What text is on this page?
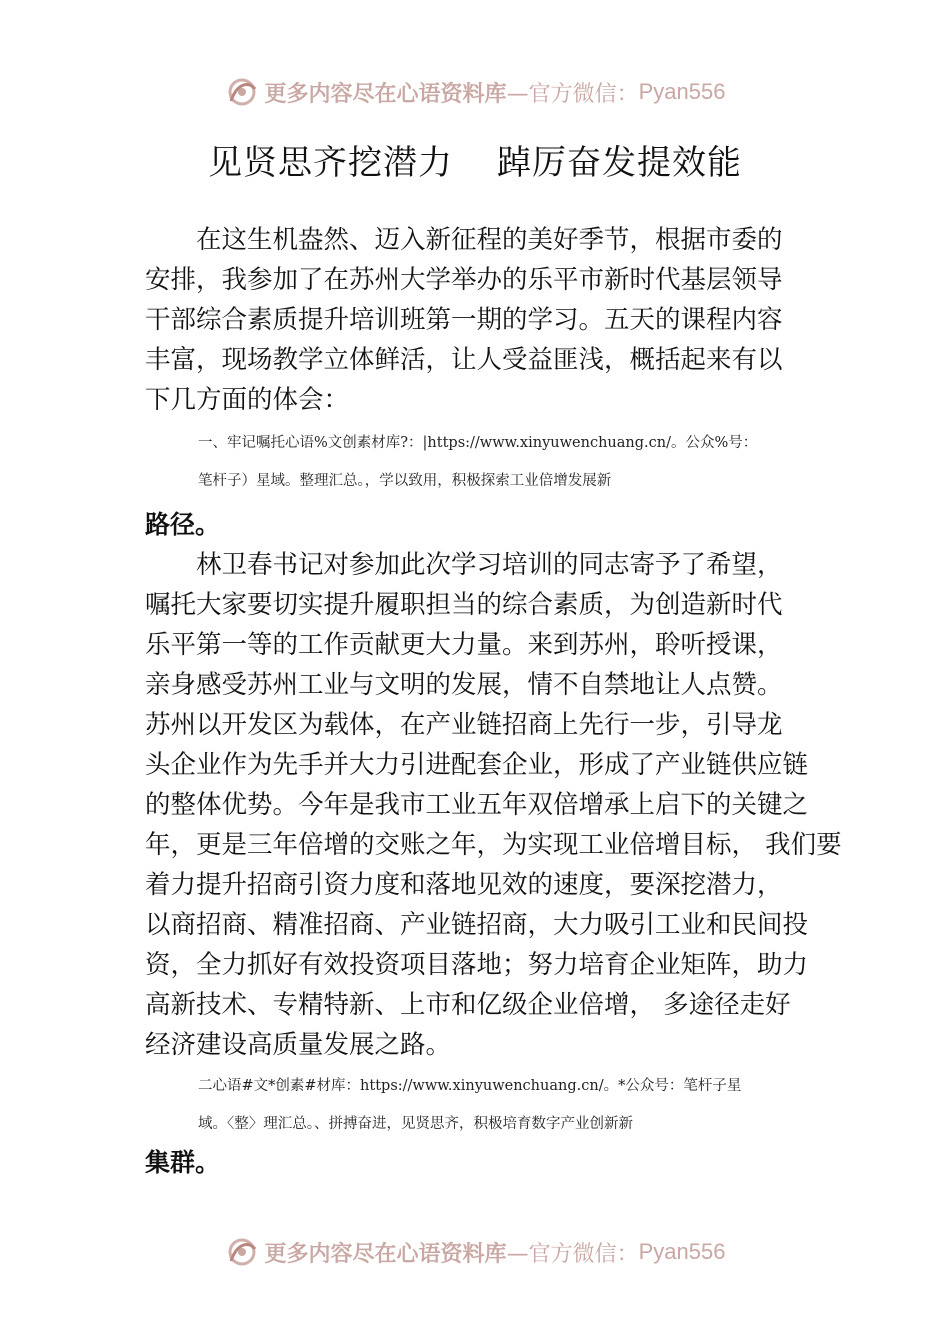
更多内容尽在心语资料库 —官方微信： Pyan556
见贤思齐挖潜力 踔厉奋发提效能
在这生机盎然、迈入新征程的美好季节，根据市委的
安排，我参加了在苏州大学举办的乐平市新时代基层领导
干部综合素质提升培训班第一期的学习。五天的课程内容
丰富，现场教学立体鲜活，让人受益匪浅，概括起来有以
下几方面的体会：
一、牢记嘱托心语%文创素材库?：|https://www.xinyuwenchuang.cn/。公众%号：
笔杆子）星域。整理汇总。，学以致用，积极探索工业倍增发展新
路径。
林卫春书记对参加此次学习培训的同志寄予了希望，
嘱托大家要切实提升履职担当的综合素质，为创造新时代
乐平第一等的工作贡献更大力量。来到苏州，聆听授课，
亲身感受苏州工业与文明的发展，情不自禁地让人点赞。
苏州以开发区为载体，在产业链招商上先行一步，引导龙
头企业作为先手并大力引进配套企业，形成了产业链供应链
的整体优势。今年是我市工业五年双倍增承上启下的关键之
年，更是三年倍增的交账之年，为实现工业倍增目标， 我们要
着力提升招商引资力度和落地见效的速度，要深挖潜力，
以商招商、精准招商、产业链招商，大力吸引工业和民间投
资，全力抓好有效投资项目落地；努力培育企业矩阵，助力
高新技术、专精特新、上市和亿级企业倍增， 多途径走好
经济建设高质量发展之路。
二心语#文*创素#材库：https://www.xinyuwenchuang.cn/。*公众号：笔杆子星
域。〈整〉理汇总。、拼搏奋进，见贤思齐，积极培育数字产业创新新
集群。
更多内容尽在心语资料库 —官方微信： Pyan556
